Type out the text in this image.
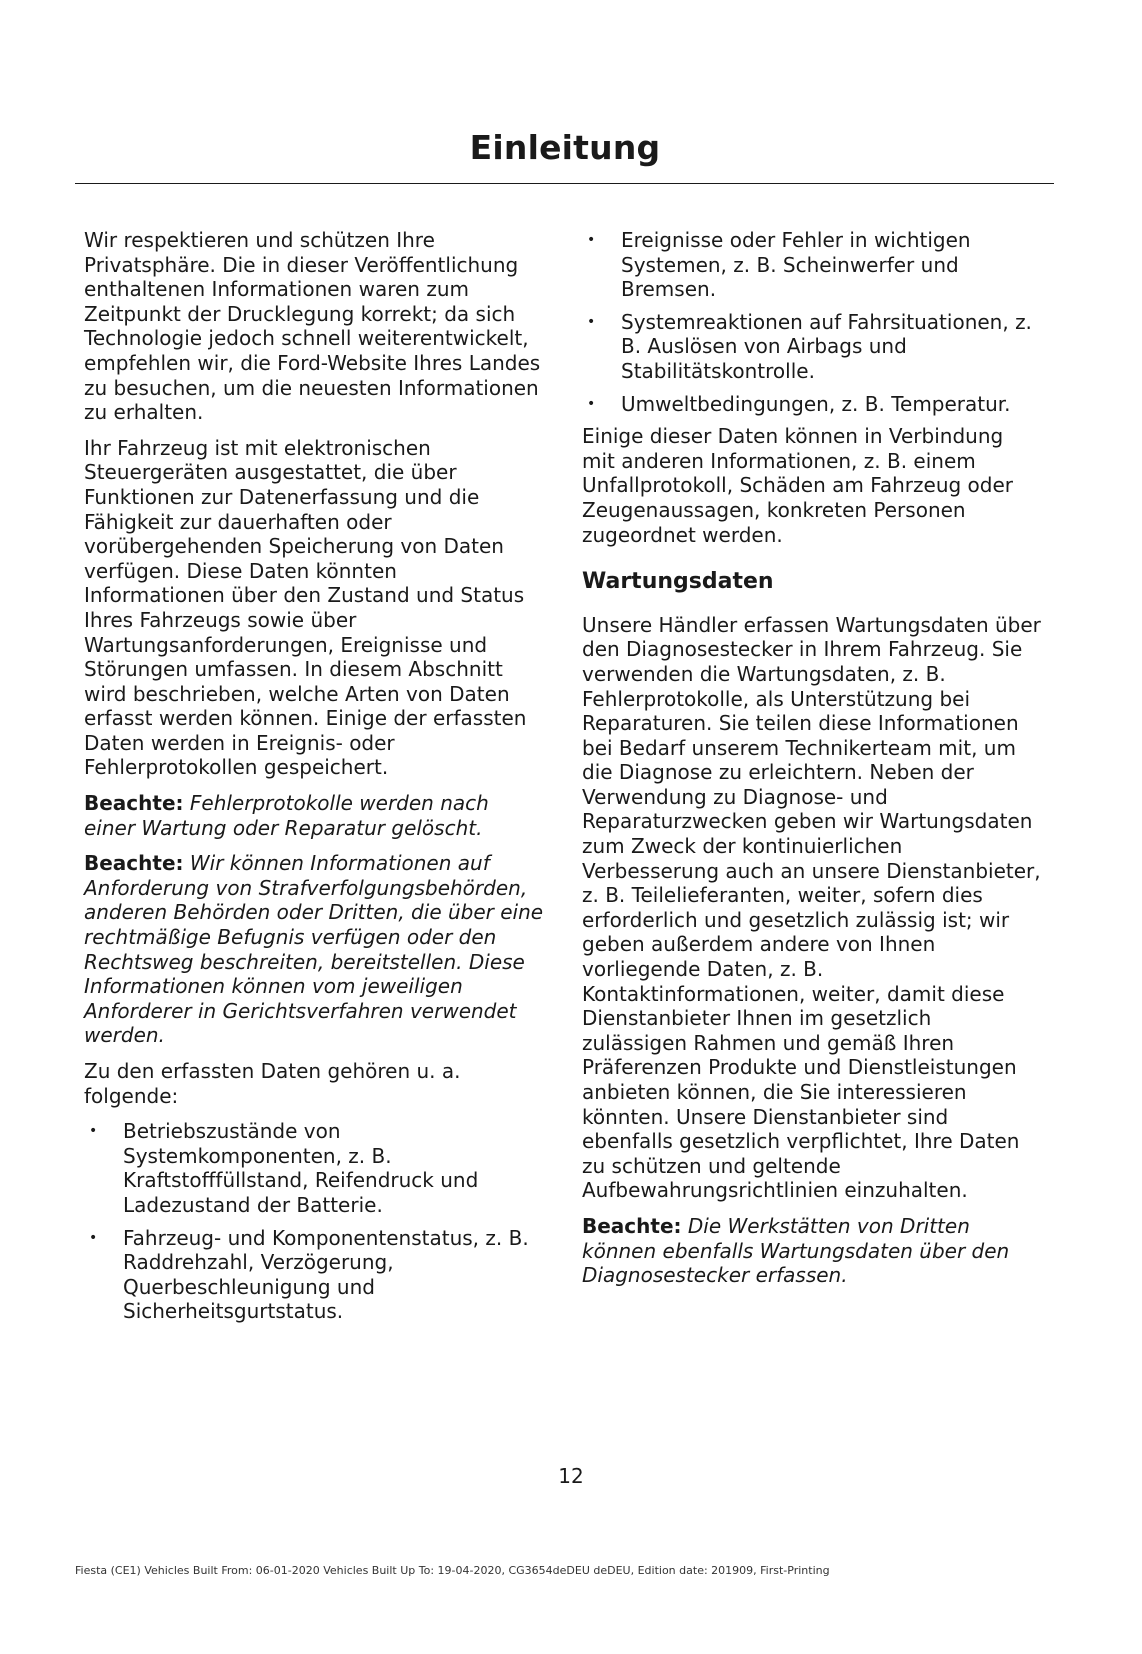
Einleitung

Wir respektieren und schützen Ihre Privatsphäre. Die in dieser Veröffentlichung enthaltenen Informationen waren zum Zeitpunkt der Drucklegung korrekt; da sich Technologie jedoch schnell weiterentwickelt, empfehlen wir, die Ford-Website Ihres Landes zu besuchen, um die neuesten Informationen zu erhalten.

Ihr Fahrzeug ist mit elektronischen Steuergeräten ausgestattet, die über Funktionen zur Datenerfassung und die Fähigkeit zur dauerhaften oder vorübergehenden Speicherung von Daten verfügen. Diese Daten könnten Informationen über den Zustand und Status Ihres Fahrzeugs sowie über Wartungsanforderungen, Ereignisse und Störungen umfassen. In diesem Abschnitt wird beschrieben, welche Arten von Daten erfasst werden können. Einige der erfassten Daten werden in Ereignis- oder Fehlerprotokollen gespeichert.

Beachte: Fehlerprotokolle werden nach einer Wartung oder Reparatur gelöscht.

Beachte: Wir können Informationen auf Anforderung von Strafverfolgungsbehörden, anderen Behörden oder Dritten, die über eine rechtmäßige Befugnis verfügen oder den Rechtsweg beschreiten, bereitstellen. Diese Informationen können vom jeweiligen Anforderer in Gerichtsverfahren verwendet werden.

Zu den erfassten Daten gehören u. a. folgende:

• Betriebszustände von Systemkomponenten, z. B. Kraftstofffüllstand, Reifendruck und Ladezustand der Batterie.
• Fahrzeug- und Komponentenstatus, z. B. Raddrehzahl, Verzögerung, Querbeschleunigung und Sicherheitsgurtstatus.
• Ereignisse oder Fehler in wichtigen Systemen, z. B. Scheinwerfer und Bremsen.
• Systemreaktionen auf Fahrsituationen, z. B. Auslösen von Airbags und Stabilitätskontrolle.
• Umweltbedingungen, z. B. Temperatur.

Einige dieser Daten können in Verbindung mit anderen Informationen, z. B. einem Unfallprotokoll, Schäden am Fahrzeug oder Zeugenaussagen, konkreten Personen zugeordnet werden.

Wartungsdaten

Unsere Händler erfassen Wartungsdaten über den Diagnosestecker in Ihrem Fahrzeug. Sie verwenden die Wartungsdaten, z. B. Fehlerprotokolle, als Unterstützung bei Reparaturen. Sie teilen diese Informationen bei Bedarf unserem Technikerteam mit, um die Diagnose zu erleichtern. Neben der Verwendung zu Diagnose- und Reparaturzwecken geben wir Wartungsdaten zum Zweck der kontinuierlichen Verbesserung auch an unsere Dienstanbieter, z. B. Teilelieferanten, weiter, sofern dies erforderlich und gesetzlich zulässig ist; wir geben außerdem andere von Ihnen vorliegende Daten, z. B. Kontaktinformationen, weiter, damit diese Dienstanbieter Ihnen im gesetzlich zulässigen Rahmen und gemäß Ihren Präferenzen Produkte und Dienstleistungen anbieten können, die Sie interessieren könnten. Unsere Dienstanbieter sind ebenfalls gesetzlich verpflichtet, Ihre Daten zu schützen und geltende Aufbewahrungsrichtlinien einzuhalten.

Beachte: Die Werkstätten von Dritten können ebenfalls Wartungsdaten über den Diagnosestecker erfassen.

12
Fiesta (CE1) Vehicles Built From: 06-01-2020 Vehicles Built Up To: 19-04-2020, CG3654deDEU deDEU, Edition date: 201909, First-Printing
